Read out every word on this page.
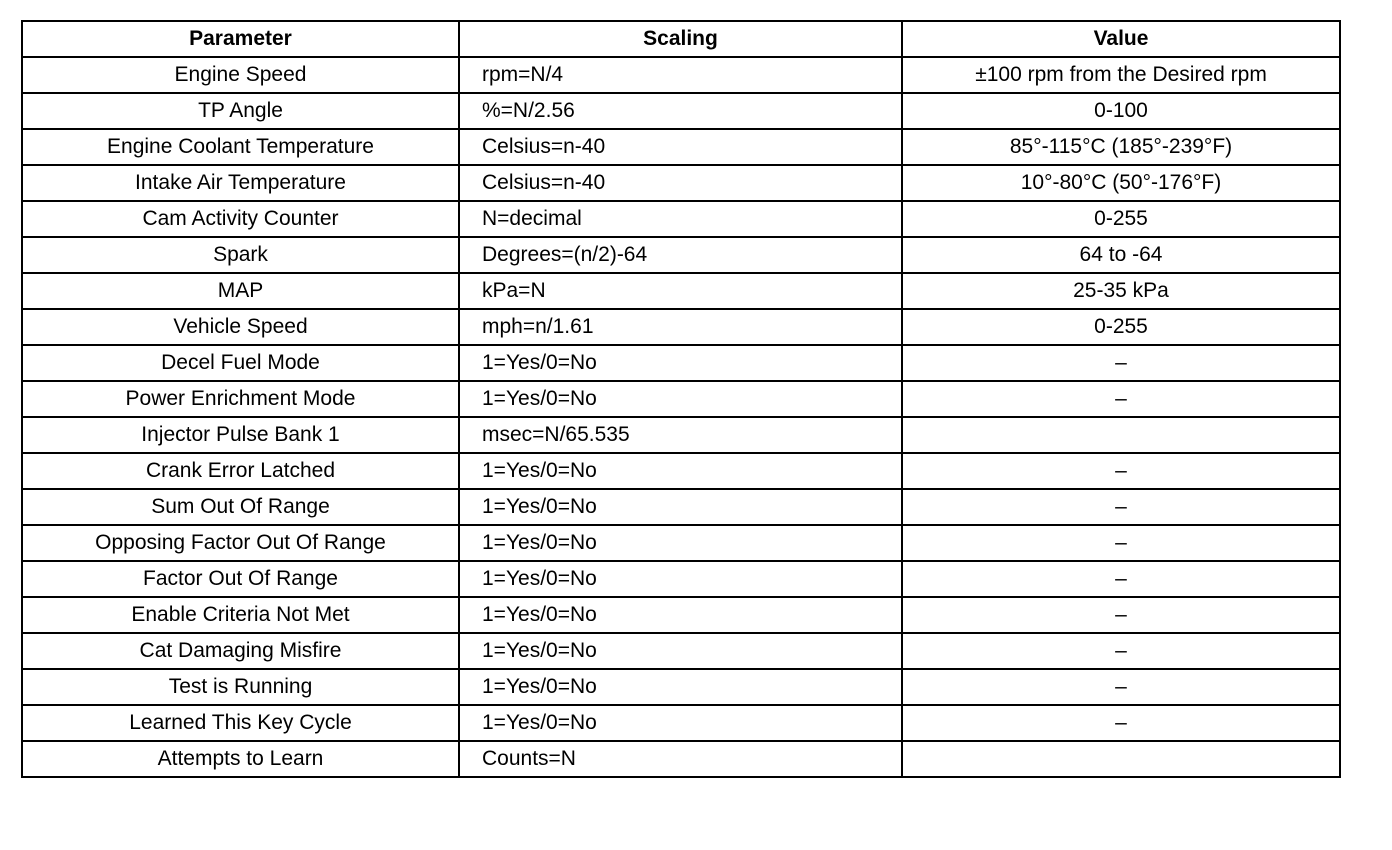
Parameter	Scaling	Value
Engine Speed	rpm=N/4	±100 rpm from the Desired rpm
TP Angle	%=N/2.56	0-100
Engine Coolant Temperature	Celsius=n-40	85°-115°C (185°-239°F)
Intake Air Temperature	Celsius=n-40	10°-80°C (50°-176°F)
Cam Activity Counter	N=decimal	0-255
Spark	Degrees=(n/2)-64	64 to -64
MAP	kPa=N	25-35 kPa
Vehicle Speed	mph=n/1.61	0-255
Decel Fuel Mode	1=Yes/0=No	–
Power Enrichment Mode	1=Yes/0=No	–
Injector Pulse Bank 1	msec=N/65.535	
Crank Error Latched	1=Yes/0=No	–
Sum Out Of Range	1=Yes/0=No	–
Opposing Factor Out Of Range	1=Yes/0=No	–
Factor Out Of Range	1=Yes/0=No	–
Enable Criteria Not Met	1=Yes/0=No	–
Cat Damaging Misfire	1=Yes/0=No	–
Test is Running	1=Yes/0=No	–
Learned This Key Cycle	1=Yes/0=No	–
Attempts to Learn	Counts=N	
